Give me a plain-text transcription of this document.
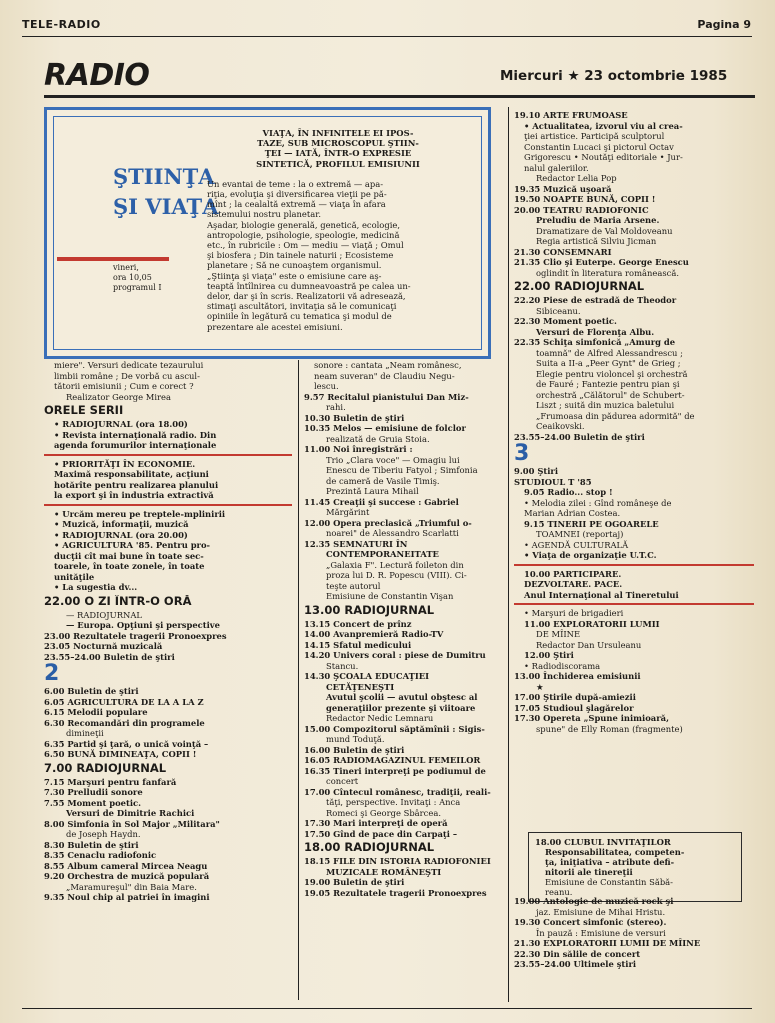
TELE-RADIO	Pagina 9
RADIO	Miercuri ★ 23 octombrie 1985
ŞTIINŢA
ŞI VIAŢA
vineri,
ora 10,05
programul I
VIAŢA, ÎN INFINITELE EI IPOS-
TAZE, SUB MICROSCOPUL ŞTIIN-
ŢEI — IATĂ, ÎNTR-O EXPRESIE
SINTETICĂ, PROFILUL EMISIUNII
Un evantai de teme : la o extremă — apa-
riţia, evoluţia şi diversificarea vieţii pe pă-
mînt ; la cealaltă extremă — viaţa în afara
sistemului nostru planetar.
Aşadar, biologie generală, genetică, ecologie,
antropologie, psihologie, speologie, medicină
etc., în rubricile : Om — mediu — viaţă ; Omul
şi biosfera ; Din tainele naturii ; Ecosisteme
planetare ; Să ne cunoaştem organismul.
„Ştiinţa şi viaţa" este o emisiune care aş-
teaptă întîlnirea cu dumneavoastră pe calea un-
delor, dar şi în scris. Realizatorii vă adresează,
stimaţi ascultători, invitaţia să le comunicaţi
opiniile în legătură cu tematica şi modul de
prezentare ale acestei emisiuni.
miere". Versuri dedicate tezaurului
limbii române ; De vorbă cu ascul-
tătorii emisiunii ; Cum e corect ?
Realizator George Mirea
ORELE SERII
• RADIOJURNAL (ora 18.00)
• Revista internaţională radio. Din
agenda forumurilor internaţionale
• PRIORITĂŢI ÎN ECONOMIE.
Maximă responsabilitate, acţiuni
hotărîte pentru realizarea planului
la export şi în industria extractivă
• Urcăm mereu pe treptele-mplinirii
• Muzică, informaţii, muzică
• RADIOJURNAL (ora 20.00)
• AGRICULTURA '85. Pentru pro-
ducţii cît mai bune în toate sec-
toarele, în toate zonele, în toate
unităţile
• La sugestia dv...
22.00 O ZI ÎNTR-O ORĂ
— RADIOJURNAL
— Europa. Opţiuni şi perspective
23.00 Rezultatele tragerii Pronoexpres
23.05 Nocturnă muzicală
23.55–24.00 Buletin de ştiri
2
6.00 Buletin de ştiri
6.05 AGRICULTURA DE LA A LA Z
6.15 Melodii populare
6.30 Recomandări din programele
dimineţii
6.35 Partid şi ţară, o unică voinţă –
6.50 BUNĂ DIMINEAŢA, COPII !
7.00 RADIOJURNAL
7.15 Marşuri pentru fanfară
7.30 Prelludii sonore
7.55 Moment poetic.
Versuri de Dimitrie Rachici
8.00 Simfonia în Sol Major „Militara"
de Joseph Haydn.
8.30 Buletin de ştiri
8.35 Cenaclu radiofonic
8.55 Album cameral Mircea Neagu
9.20 Orchestra de muzică populară
„Maramureşul" din Baia Mare.
9.35 Noul chip al patriei în imagini
sonore : cantata „Neam românesc,
neam suveran" de Claudiu Negu-
lescu.
9.57 Recitalul pianistului Dan Miz-
rahi.
10.30 Buletin de ştiri
10.35 Melos — emisiune de folclor
realizată de Gruia Stoia.
11.00 Noi înregistrări :
Trio „Clara voce" — Omagiu lui
Enescu de Tiberiu Fatyol ; Simfonia
de cameră de Vasile Timiş.
Prezintă Laura Mihail
11.45 Creaţii şi succese : Gabriel
Mărgărint
12.00 Opera preclasică „Triumful o-
noarei" de Alessandro Scarlatti
12.35 SEMNATURI ÎN
CONTEMPORANEITATE
„Galaxia F". Lectură foileton din
proza lui D. R. Popescu (VIII). Ci-
teşte autorul
Emisiune de Constantin Vişan
13.00 RADIOJURNAL
13.15 Concert de prînz
14.00 Avanpremieră Radio-TV
14.15 Sfatul medicului
14.20 Univers coral : piese de Dumitru
Stancu.
14.30 ŞCOALA EDUCAŢIEI
CETĂŢENEŞTI
Avutul şcolii — avutul obştesc al
generaţiilor prezente şi viitoare
Redactor Nedic Lemnaru
15.00 Compozitorul săptămînii : Sigis-
mund Toduţă.
16.00 Buletin de ştiri
16.05 RADIOMAGAZINUL FEMEILOR
16.35 Tineri interpreţi pe podiumul de
concert
17.00 Cîntecul românesc, tradiţii, reali-
tăţi, perspective. Invitaţi : Anca
Romeci şi George Sbârcea.
17.30 Mari interpreţi de operă
17.50 Gînd de pace din Carpaţi –
18.00 RADIOJURNAL
18.15 FILE DIN ISTORIA RADIOFONIEI
MUZICALE ROMÂNEŞTI
19.00 Buletin de ştiri
19.05 Rezultatele tragerii Pronoexpres
19.10 ARTE FRUMOASE
• Actualitatea, izvorul viu al crea-
ţiei artistice. Participă sculptorul
Constantin Lucaci şi pictorul Octav
Grigorescu • Noutăţi editoriale • Jur-
nalul galeriilor.
Redactor Lelia Pop
19.35 Muzică uşoară
19.50 NOAPTE BUNĂ, COPII !
20.00 TEATRU RADIOFONIC
Preludiu de Maria Arsene.
Dramatizare de Val Moldoveanu
Regia artistică Silviu Jicman
21.30 CONSEMNARI
21.35 Clio şi Euterpe. George Enescu
oglindit în literatura românească.
22.00 RADIOJURNAL
22.20 Piese de estradă de Theodor
Sibiceanu.
22.30 Moment poetic.
Versuri de Florenţa Albu.
22.35 Schiţa simfonică „Amurg de
toamnă" de Alfred Alessandrescu ;
Suita a II-a „Peer Gynt" de Grieg ;
Elegie pentru violoncel şi orchestră
de Fauré ; Fantezie pentru pian şi
orchestră „Călătorul" de Schubert-
Liszt ; suită din muzica baletului
„Frumoasa din pădurea adormită" de
Ceaikovski.
23.55–24.00 Buletin de ştiri
3
9.00 Ştiri
STUDIOUL T '85
9.05 Radio... stop !
• Melodia zilei : Gînd româneşe de
Marian Adrian Costea.
9.15 TINERII PE OGOARELE
TOAMNEI (reportaj)
• AGENDĂ CULTURALĂ
• Viaţa de organizaţie U.T.C.
10.00 PARTICIPARE.
DEZVOLTARE. PACE.
Anul Internaţional al Tineretului
• Marşuri de brigadieri
11.00 EXPLORATORII LUMII
DE MÎINE
Redactor Dan Ursuleanu
12.00 Ştiri
• Radiodiscorama
13.00 Închiderea emisiunii
★
17.00 Ştirile după-amiezii
17.05 Studioul şlagărelor
17.30 Opereta „Spune inimioară,
spune" de Elly Roman (fragmente)
18.00 CLUBUL INVITAŢILOR
Responsabilitatea, competen-
ţa, iniţiativa – atribute defi-
nitorii ale tinereţii
Emisiune de Constantin Săbă-
reanu.
19.00 Antologie de muzică rock şi
jaz. Emisiune de Mihai Hristu.
19.30 Concert simfonic (stereo).
În pauză : Emisiune de versuri
21.30 EXPLORATORII LUMII DE MÎINE
22.30 Din sălile de concert
23.55–24.00 Ultimele ştiri
